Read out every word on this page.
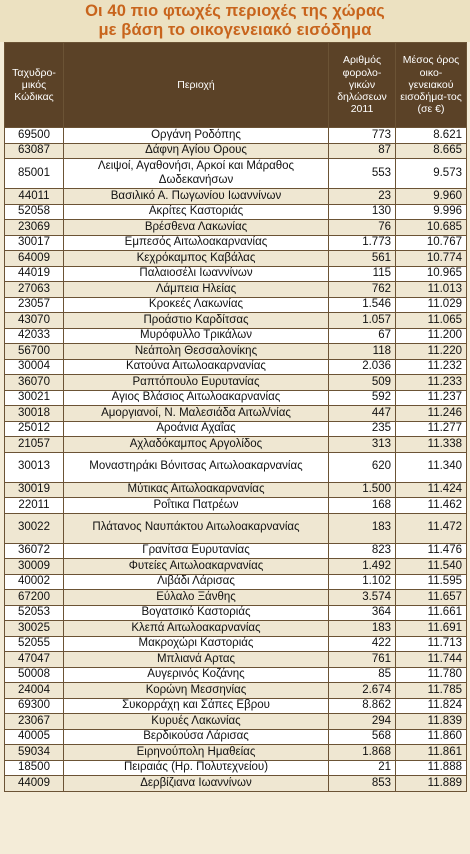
Οι 40 πιο φτωχές περιοχές της χώρας
με βάση το οικογενειακό εισόδημα
Ταχυδρο-μικός Κώδικας	Περιοχή	Αριθμός φορολο-γικών δηλώσεων 2011	Μέσος όρος οικο-γενειακού εισοδήμα-τος (σε €)
69500	Οργάνη Ροδόπης	773	8.621
63087	Δάφνη Αγίου Ορους	87	8.665
85001	Λειψοί, Αγαθονήσι, Αρκοί και Μάραθος Δωδεκανήσων	553	9.573
44011	Βασιλικό Α. Πωγωνίου Ιωαννίνων	23	9.960
52058	Ακρίτες Καστοριάς	130	9.996
23069	Βρέσθενα Λακωνίας	76	10.685
30017	Εμπεσός Αιτωλοακαρνανίας	1.773	10.767
64009	Κεχρόκαμπος Καβάλας	561	10.774
44019	Παλαιοσέλι Ιωαννίνων	115	10.965
27063	Λάμπεια Ηλείας	762	11.013
23057	Κροκεές Λακωνίας	1.546	11.029
43070	Προάστιο Καρδίτσας	1.057	11.065
42033	Μυρόφυλλο Τρικάλων	67	11.200
56700	Νεάπολη Θεσσαλονίκης	118	11.220
30004	Κατούνα Αιτωλοακαρνανίας	2.036	11.232
36070	Ραπτόπουλο Ευρυτανίας	509	11.233
30021	Αγιος Βλάσιος Αιτωλοακαρνανίας	592	11.237
30018	Αμοργιανοί, Ν. Μαλεσιάδα Αιτωλ/νίας	447	11.246
25012	Αροάνια Αχαΐας	235	11.277
21057	Αχλαδόκαμπος Αργολίδος	313	11.338
30013	Μοναστηράκι Βόνιτσας Αιτωλοακαρνανίας	620	11.340
30019	Μύτικας Αιτωλοακαρνανίας	1.500	11.424
22011	Ροΐτικα Πατρέων	168	11.462
30022	Πλάτανος Ναυπάκτου Αιτωλοακαρνανίας	183	11.472
36072	Γρανίτσα Ευρυτανίας	823	11.476
30009	Φυτείες Αιτωλοακαρνανίας	1.492	11.540
40002	Λιβάδι Λάρισας	1.102	11.595
67200	Εύλαλο Ξάνθης	3.574	11.657
52053	Βογατσικό Καστοριάς	364	11.661
30025	Κλεπά Αιτωλοακαρνανίας	183	11.691
52055	Μακροχώρι Καστοριάς	422	11.713
47047	Μπλιανά Αρτας	761	11.744
50008	Αυγερινός Κοζάνης	85	11.780
24004	Κορώνη Μεσσηνίας	2.674	11.785
69300	Συκορράχη και Σάπες Εβρου	8.862	11.824
23067	Κυρυές Λακωνίας	294	11.839
40005	Βερδικούσα Λάρισας	568	11.860
59034	Ειρηνούπολη Ημαθείας	1.868	11.861
18500	Πειραιάς (Ηρ. Πολυτεχνείου)	21	11.888
44009	Δερβίζιανα Ιωαννίνων	853	11.889
